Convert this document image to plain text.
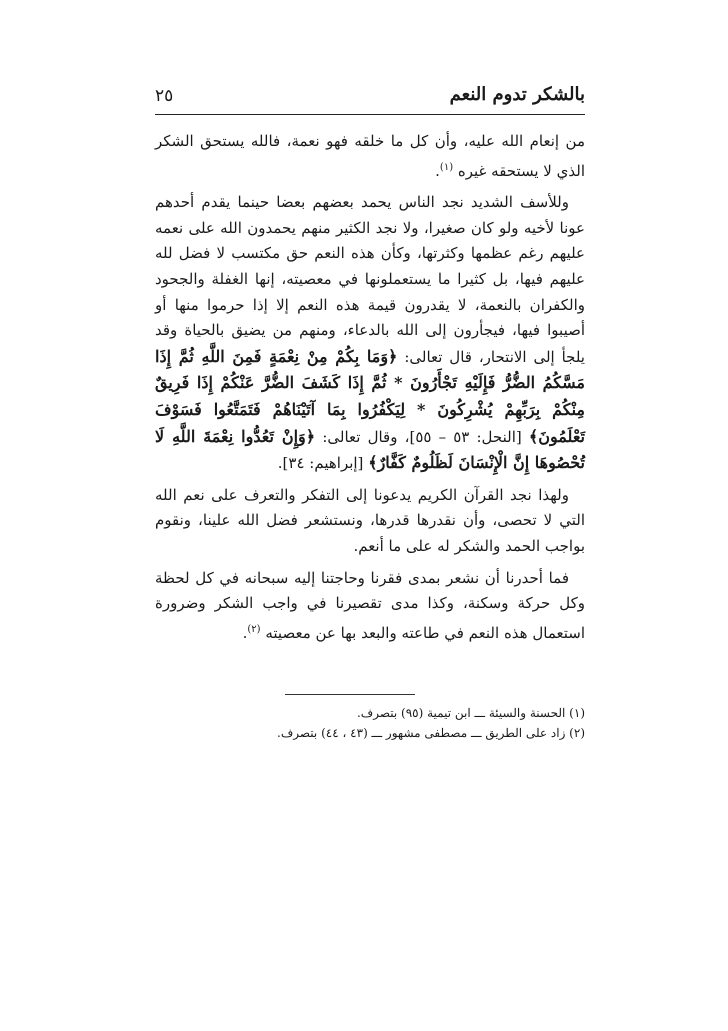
بالشكر تدوم النعم
٢٥

من إنعام الله عليه، وأن كل ما خلقه فهو نعمة، فالله يستحق الشكر الذي لا يستحقه غيره $^{(١)}$.

وللأسف الشديد نجد الناس يحمد بعضهم بعضا حينما يقدم أحدهم عونا لأخيه ولو كان صغيرا، ولا نجد الكثير منهم يحمدون الله على نعمه عليهم رغم عظمها وكثرتها، وكأن هذه النعم حق مكتسب لا فضل لله عليهم فيها، بل كثيرا ما يستعملونها في معصيته، إنها الغفلة والجحود والكفران بالنعمة، لا يقدرون قيمة هذه النعم إلا إذا حرموا منها أو أصيبوا فيها، فيجأرون إلى الله بالدعاء، ومنهم من يضيق بالحياة وقد يلجأ إلى الانتحار، قال تعالى: ﴿وَمَا بِكُمْ مِنْ نِعْمَةٍ فَمِنَ اللَّهِ ثُمَّ إِذَا مَسَّكُمُ الضُّرُّ فَإِلَيْهِ تَجْأَرُونَ * ثُمَّ إِذَا كَشَفَ الضُّرَّ عَنْكُمْ إِذَا فَرِيقٌ مِنْكُمْ بِرَبِّهِمْ يُشْرِكُونَ * لِيَكْفُرُوا بِمَا آتَيْنَاهُمْ فَتَمَتَّعُوا فَسَوْفَ تَعْلَمُونَ﴾ [النحل: ٥٣ – ٥٥]، وقال تعالى: ﴿وَإِنْ تَعُدُّوا نِعْمَةَ اللَّهِ لَا تُحْصُوهَا إِنَّ الْإِنْسَانَ لَظَلُومٌ كَفَّارٌ﴾ [إبراهيم: ٣٤].

ولهذا نجد القرآن الكريم يدعونا إلى التفكر والتعرف على نعم الله التي لا تحصى، وأن نقدرها قدرها، ونستشعر فضل الله علينا، ونقوم بواجب الحمد والشكر له على ما أنعم.

فما أحدرنا أن نشعر بمدى فقرنا وحاجتنا إليه سبحانه في كل لحظة وكل حركة وسكنة، وكذا مدى تقصيرنا في واجب الشكر وضرورة استعمال هذه النعم في طاعته والبعد بها عن معصيته $^{(٢)}$.

(١) الحسنة والسيئة ـــ ابن تيمية (٩٥) بتصرف.

(٢) زاد على الطريق ـــ مصطفى مشهور ـــ (٤٣ ، ٤٤) بتصرف.
